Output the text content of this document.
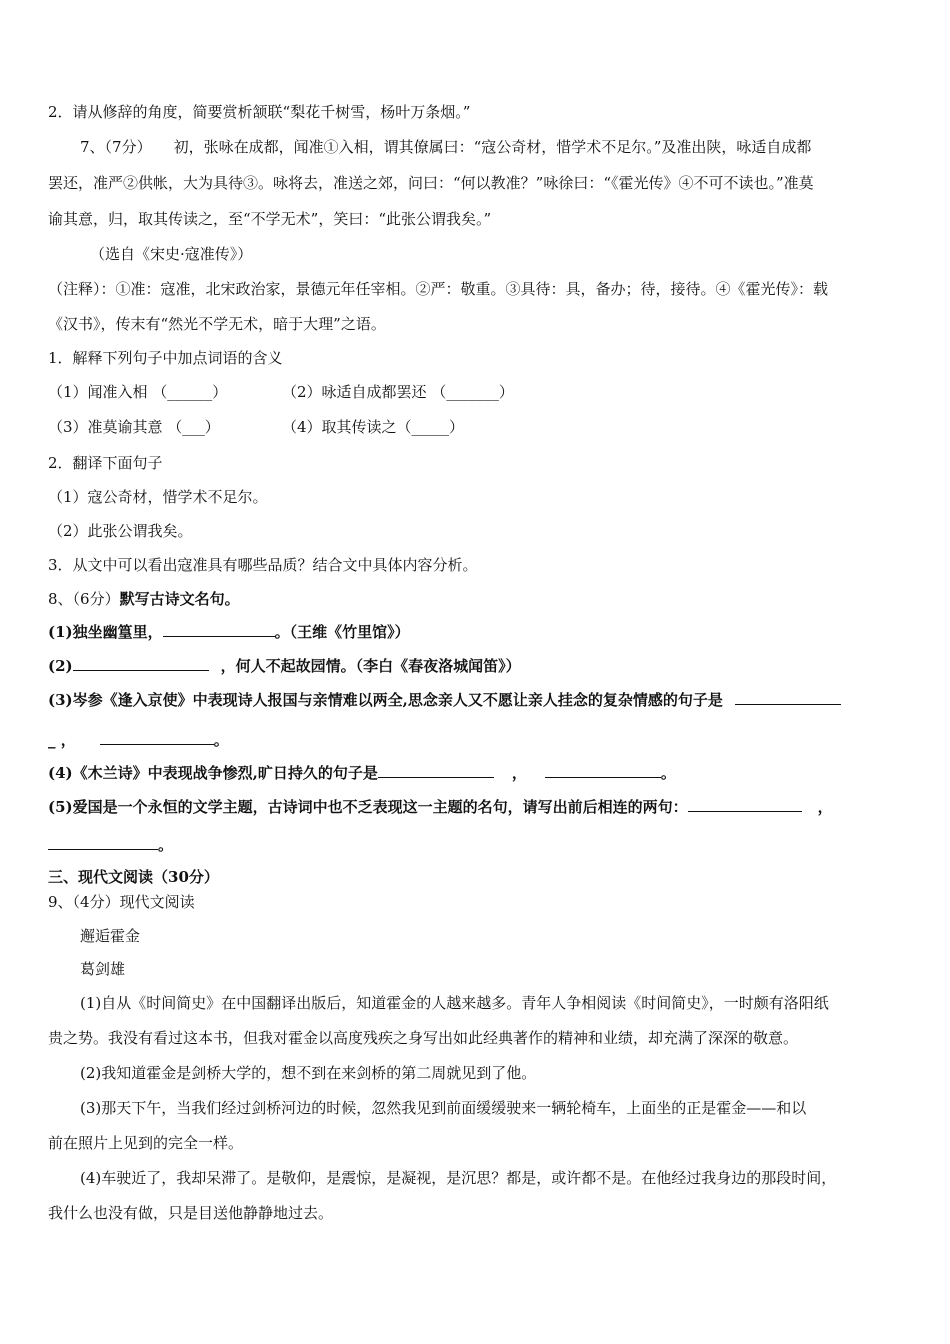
2．请从修辞的角度，简要赏析颔联“梨花千树雪，杨叶万条烟。”
7、（7分） 初，张咏在成都，闻准①入相，谓其僚属曰：“寇公奇材，惜学术不足尔。”及准出陕，咏适自成都
罢还，准严②供帐，大为具待③。咏将去，准送之郊，问曰：“何以教准？”咏徐曰：“《霍光传》④不可不读也。”准莫
谕其意，归，取其传读之，至“不学无术”，笑曰：“此张公谓我矣。”
（选自《宋史·寇准传》）
（注释）：①准：寇准，北宋政治家，景德元年任宰相。②严：敬重。③具待：具，备办；待，接待。④《霍光传》：载
《汉书》，传末有“然光不学无术，暗于大理”之语。
1．解释下列句子中加点词语的含义
（1）闻准入相 （______）	（2）咏适自成都罢还 （_______）
（3）准莫谕其意 （___）	（4）取其传读之（_____）
2．翻译下面句子
（1）寇公奇材，惜学术不足尔。
（2）此张公谓我矣。
3．从文中可以看出寇准具有哪些品质？结合文中具体内容分析。
8、（6分）默写古诗文名句。
(1)独坐幽篁里，	。（王维《竹里馆》）
(2)	，何人不起故园情。（李白《春夜洛城闻笛》）
(3)岑参《逢入京使》中表现诗人报国与亲情难以两全,思念亲人又不愿让亲人挂念的复杂情感的句子是
_ ，	。
(4)《木兰诗》中表现战争惨烈,旷日持久的句子是	，	。
(5)爱国是一个永恒的文学主题，古诗词中也不乏表现这一主题的名句，请写出前后相连的两句：	，
。
三、现代文阅读（30分）
9、（4分）现代文阅读
邂逅霍金
葛剑雄
(1)自从《时间简史》在中国翻译出版后，知道霍金的人越来越多。青年人争相阅读《时间简史》，一时颇有洛阳纸
贵之势。我没有看过这本书，但我对霍金以高度残疾之身写出如此经典著作的精神和业绩，却充满了深深的敬意。
(2)我知道霍金是剑桥大学的，想不到在来剑桥的第二周就见到了他。
(3)那天下午，当我们经过剑桥河边的时候，忽然我见到前面缓缓驶来一辆轮椅车，上面坐的正是霍金——和以
前在照片上见到的完全一样。
(4)车驶近了，我却呆滞了。是敬仰，是震惊，是凝视，是沉思？都是，或许都不是。在他经过我身边的那段时间，
我什么也没有做，只是目送他静静地过去。
